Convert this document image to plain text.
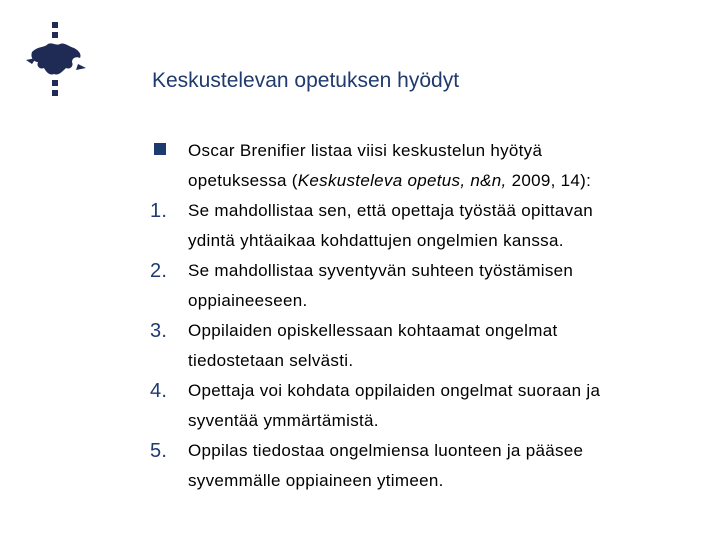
Keskustelevan opetuksen hyödyt
Oscar Brenifier listaa viisi keskustelun hyötyä
opetuksessa (Keskusteleva opetus, n&n, 2009, 14):
1. Se mahdollistaa sen, että opettaja työstää opittavan
ydintä yhtäaikaa kohdattujen ongelmien kanssa.
2. Se mahdollistaa syventyvän suhteen työstämisen
oppiaineeseen.
3. Oppilaiden opiskellessaan kohtaamat ongelmat
tiedostetaan selvästi.
4. Opettaja voi kohdata oppilaiden ongelmat suoraan ja
syventää ymmärtämistä.
5. Oppilas tiedostaa ongelmiensa luonteen ja pääsee
syvemmälle oppiaineen ytimeen.
